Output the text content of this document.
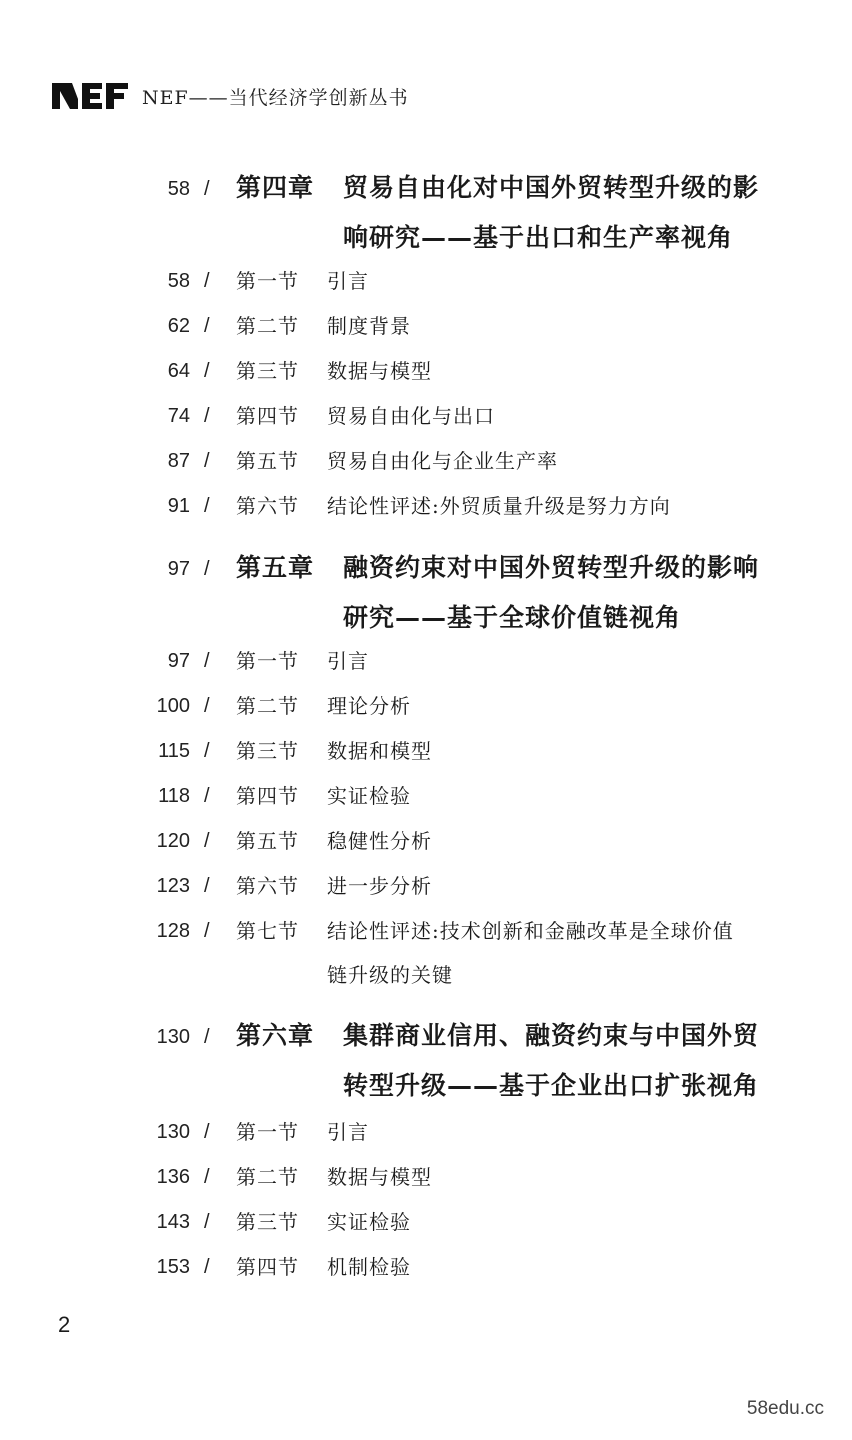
NEF——当代经济学创新丛书
58 / 第四章 贸易自由化对中国外贸转型升级的影
响研究——基于出口和生产率视角
58 / 第一节 引言
62 / 第二节 制度背景
64 / 第三节 数据与模型
74 / 第四节 贸易自由化与出口
87 / 第五节 贸易自由化与企业生产率
91 / 第六节 结论性评述:外贸质量升级是努力方向
97 / 第五章 融资约束对中国外贸转型升级的影响
研究——基于全球价值链视角
97 / 第一节 引言
100 / 第二节 理论分析
115 / 第三节 数据和模型
118 / 第四节 实证检验
120 / 第五节 稳健性分析
123 / 第六节 进一步分析
128 / 第七节 结论性评述:技术创新和金融改革是全球价值
链升级的关键
130 / 第六章 集群商业信用、融资约束与中国外贸
转型升级——基于企业出口扩张视角
130 / 第一节 引言
136 / 第二节 数据与模型
143 / 第三节 实证检验
153 / 第四节 机制检验
2
58edu.cc
